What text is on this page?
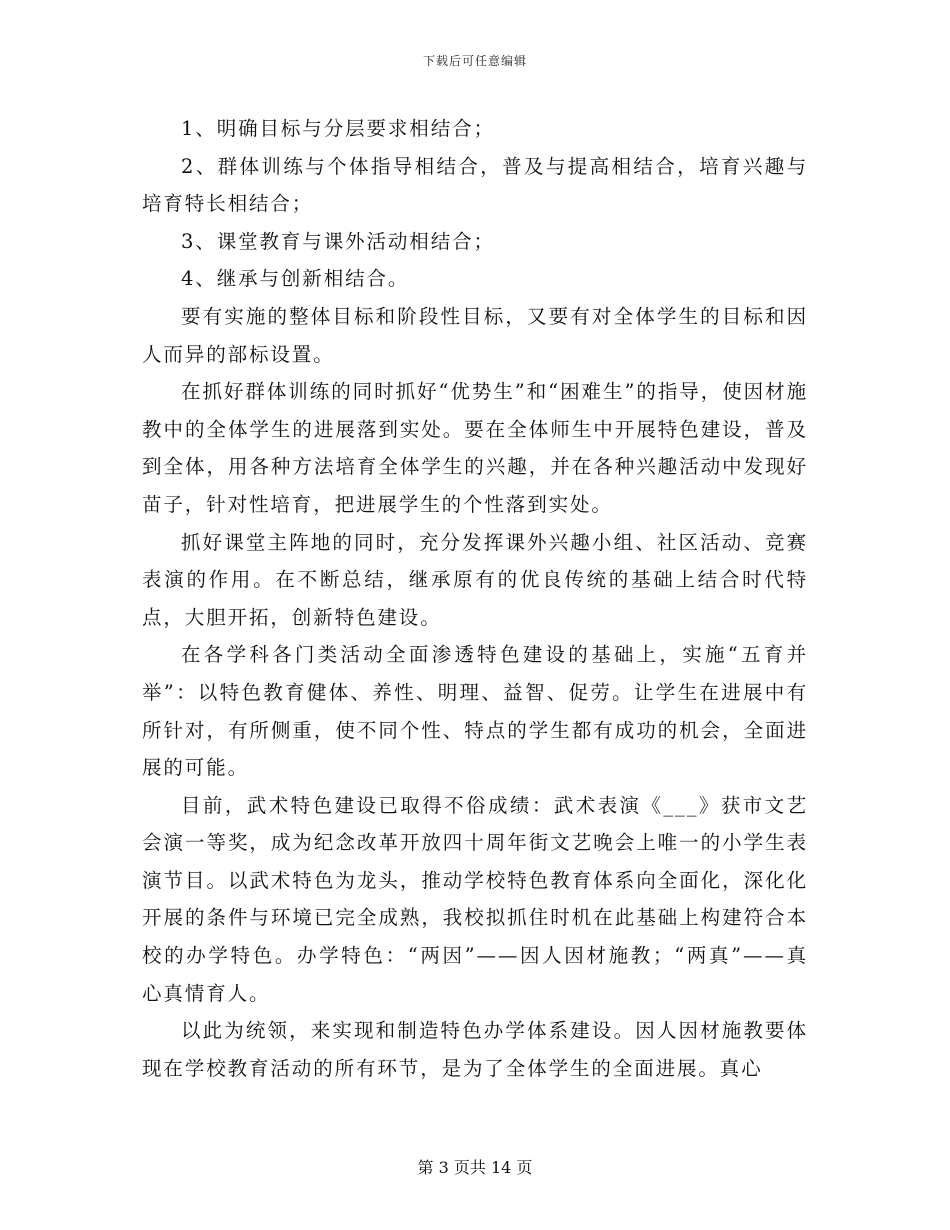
下载后可任意编辑

1、明确目标与分层要求相结合；

2、群体训练与个体指导相结合，普及与提高相结合，培育兴趣与培育特长相结合；

3、课堂教育与课外活动相结合；

4、继承与创新相结合。

要有实施的整体目标和阶段性目标，又要有对全体学生的目标和因人而异的部标设置。

在抓好群体训练的同时抓好“优势生”和“困难生”的指导，使因材施教中的全体学生的进展落到实处。要在全体师生中开展特色建设，普及到全体，用各种方法培育全体学生的兴趣，并在各种兴趣活动中发现好苗子，针对性培育，把进展学生的个性落到实处。

抓好课堂主阵地的同时，充分发挥课外兴趣小组、社区活动、竞赛表演的作用。在不断总结，继承原有的优良传统的基础上结合时代特点，大胆开拓，创新特色建设。

在各学科各门类活动全面渗透特色建设的基础上，实施“五育并举”：以特色教育健体、养性、明理、益智、促劳。让学生在进展中有所针对，有所侧重，使不同个性、特点的学生都有成功的机会，全面进展的可能。

目前，武术特色建设已取得不俗成绩：武术表演《___》获市文艺会演一等奖，成为纪念改革开放四十周年街文艺晚会上唯一的小学生表演节目。以武术特色为龙头，推动学校特色教育体系向全面化，深化化开展的条件与环境已完全成熟，我校拟抓住时机在此基础上构建符合本校的办学特色。办学特色：“两因”——因人因材施教；“两真”——真心真情育人。

以此为统领，来实现和制造特色办学体系建设。因人因材施教要体现在学校教育活动的所有环节，是为了全体学生的全面进展。真心

第 3 页共 14 页
